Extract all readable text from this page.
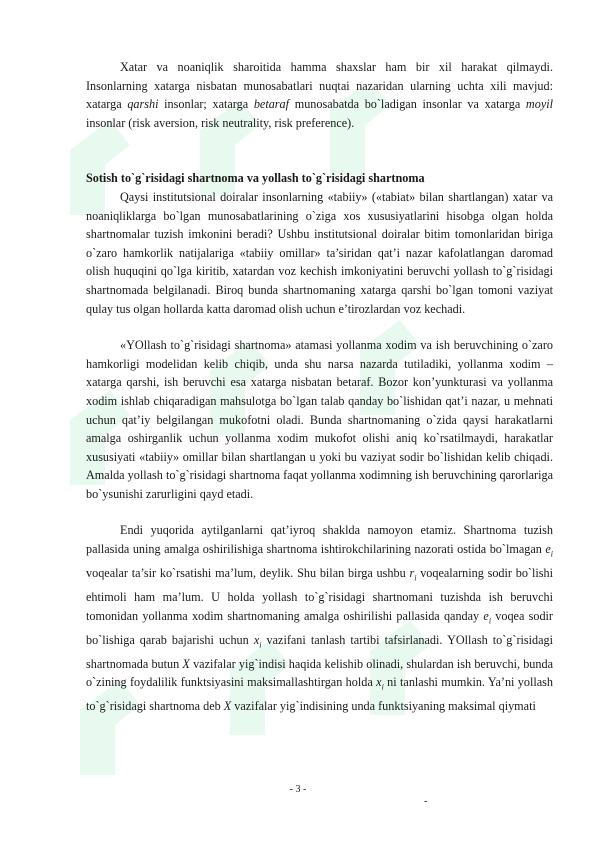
Xatar va noaniqlik sharoitida hamma shaxslar ham bir xil harakat qilmaydi. Insonlarning xatarga nisbatan munosabatlari nuqtai nazaridan ularning uchta xili mavjud: xatarga qarshi insonlar; xatarga betaraf munosabatda bo`ladigan insonlar va xatarga moyil insonlar (risk aversion, risk neutrality, risk preference).

Sotish to`g`risidagi shartnoma va yollash to`g`risidagi shartnoma

Qaysi institutsional doiralar insonlarning «tabiiy» («tabiat» bilan shartlangan) xatar va noaniqliklarga bo`lgan munosabatlarining o`ziga xos xususiyatlarini hisobga olgan holda shartnomalar tuzish imkonini beradi? Ushbu institutsional doiralar bitim tomonlaridan biriga o`zaro hamkorlik natijalariga «tabiiy omillar» ta’siridan qat’i nazar kafolatlangan daromad olish huquqini qo`lga kiritib, xatardan voz kechish imkoniyatini beruvchi yollash to`g`risidagi shartnomada belgilanadi. Biroq bunda shartnomaning xatarga qarshi bo`lgan tomoni vaziyat qulay tus olgan hollarda katta daromad olish uchun e’tirozlardan voz kechadi.

«YOllash to`g`risidagi shartnoma» atamasi yollanma xodim va ish beruvchining o`zaro hamkorligi modelidan kelib chiqib, unda shu narsa nazarda tutiladiki, yollanma xodim – xatarga qarshi, ish beruvchi esa xatarga nisbatan betaraf. Bozor kon’yunkturasi va yollanma xodim ishlab chiqaradigan mahsulotga bo`lgan talab qanday bo`lishidan qat’i nazar, u mehnati uchun qat’iy belgilangan mukofotni oladi. Bunda shartnomaning o`zida qaysi harakatlarni amalga oshirganlik uchun yollanma xodim mukofot olishi aniq ko`rsatilmaydi, harakatlar xususiyati «tabiiy» omillar bilan shartlangan u yoki bu vaziyat sodir bo`lishidan kelib chiqadi. Amalda yollash to`g`risidagi shartnoma faqat yollanma xodimning ish beruvchining qarorlariga bo`ysunishi zarurligini qayd etadi.

Endi yuqorida aytilganlarni qat’iyroq shaklda namoyon etamiz. Shartnoma tuzish pallasida uning amalga oshirilishiga shartnoma ishtirokchilarining nazorati ostida bo`lmagan $e_i$ voqealar ta’sir ko`rsatishi ma’lum, deylik. Shu bilan birga ushbu $r_i$ voqealarning sodir bo`lishi ehtimoli ham ma’lum. U holda yollash to`g`risidagi shartnomani tuzishda ish beruvchi tomonidan yollanma xodim shartnomaning amalga oshirilishi pallasida qanday $e_i$ voqea sodir bo`lishiga qarab bajarishi uchun $x_i$ vazifani tanlash tartibi tafsirlanadi. YOllash to`g`risidagi shartnomada butun X vazifalar yig`indisi haqida kelishib olinadi, shulardan ish beruvchi, bunda o`zining foydalilik funktsiyasini maksimallashtirgan holda $x_i$ ni tanlashi mumkin. Ya’ni yollash to`g`risidagi shartnoma deb X vazifalar yig`indisining unda funktsiyaning maksimal qiymati

- 3 -
-
